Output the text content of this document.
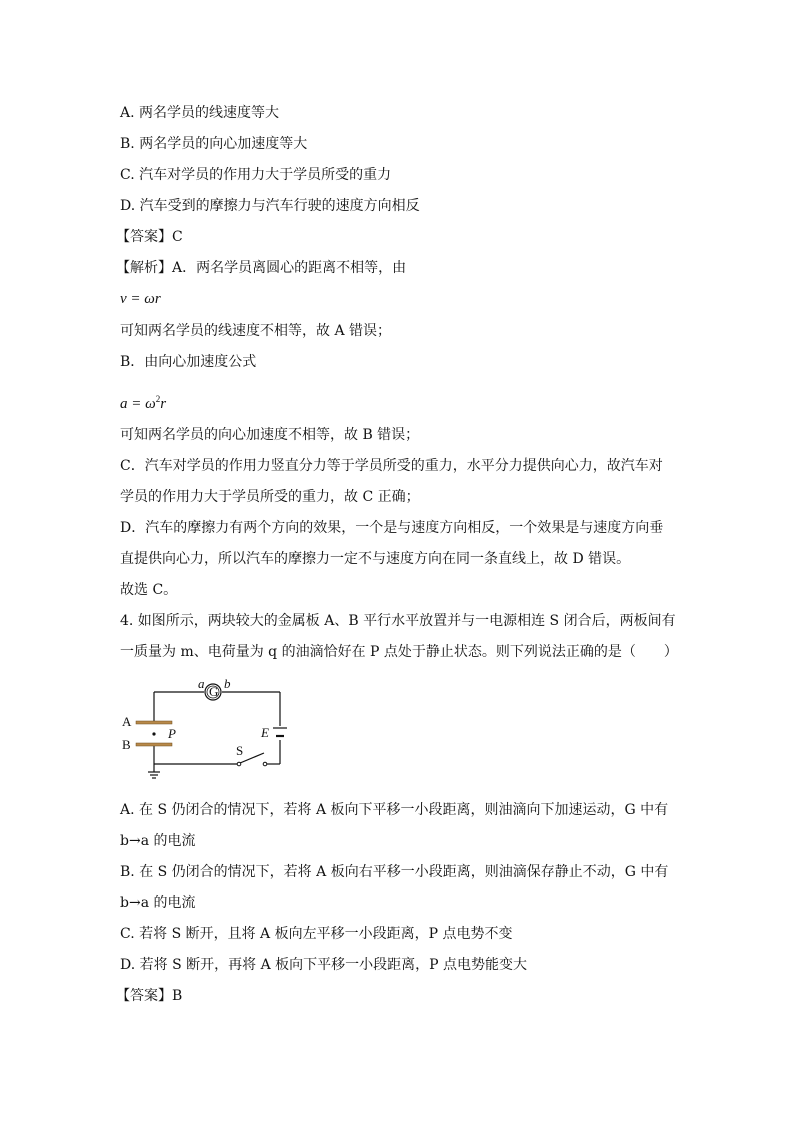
A. 两名学员的线速度等大
B. 两名学员的向心加速度等大
C. 汽车对学员的作用力大于学员所受的重力
D. 汽车受到的摩擦力与汽车行驶的速度方向相反
【答案】C
【解析】A．两名学员离圆心的距离不相等，由
v = ωr
可知两名学员的线速度不相等，故 A 错误；
B．由向心加速度公式
$a = \omega^2r$
可知两名学员的向心加速度不相等，故 B 错误；
C．汽车对学员的作用力竖直分力等于学员所受的重力，水平分力提供向心力，故汽车对
学员的作用力大于学员所受的重力，故 C 正确；
D．汽车的摩擦力有两个方向的效果，一个是与速度方向相反，一个效果是与速度方向垂
直提供向心力，所以汽车的摩擦力一定不与速度方向在同一条直线上，故 D 错误。
故选 C。
4. 如图所示，两块较大的金属板 A、B 平行水平放置并与一电源相连 S 闭合后，两板间有
一质量为 m、电荷量为 q 的油滴恰好在 P 点处于静止状态。则下列说法正确的是（　　）
a
G
b
A
B
P	E
S
A. 在 S 仍闭合的情况下，若将 A 板向下平移一小段距离，则油滴向下加速运动，G 中有
b→a 的电流
B. 在 S 仍闭合的情况下，若将 A 板向右平移一小段距离，则油滴保存静止不动，G 中有
b→a 的电流
C. 若将 S 断开，且将 A 板向左平移一小段距离，P 点电势不变
D. 若将 S 断开，再将 A 板向下平移一小段距离，P 点电势能变大
【答案】B
